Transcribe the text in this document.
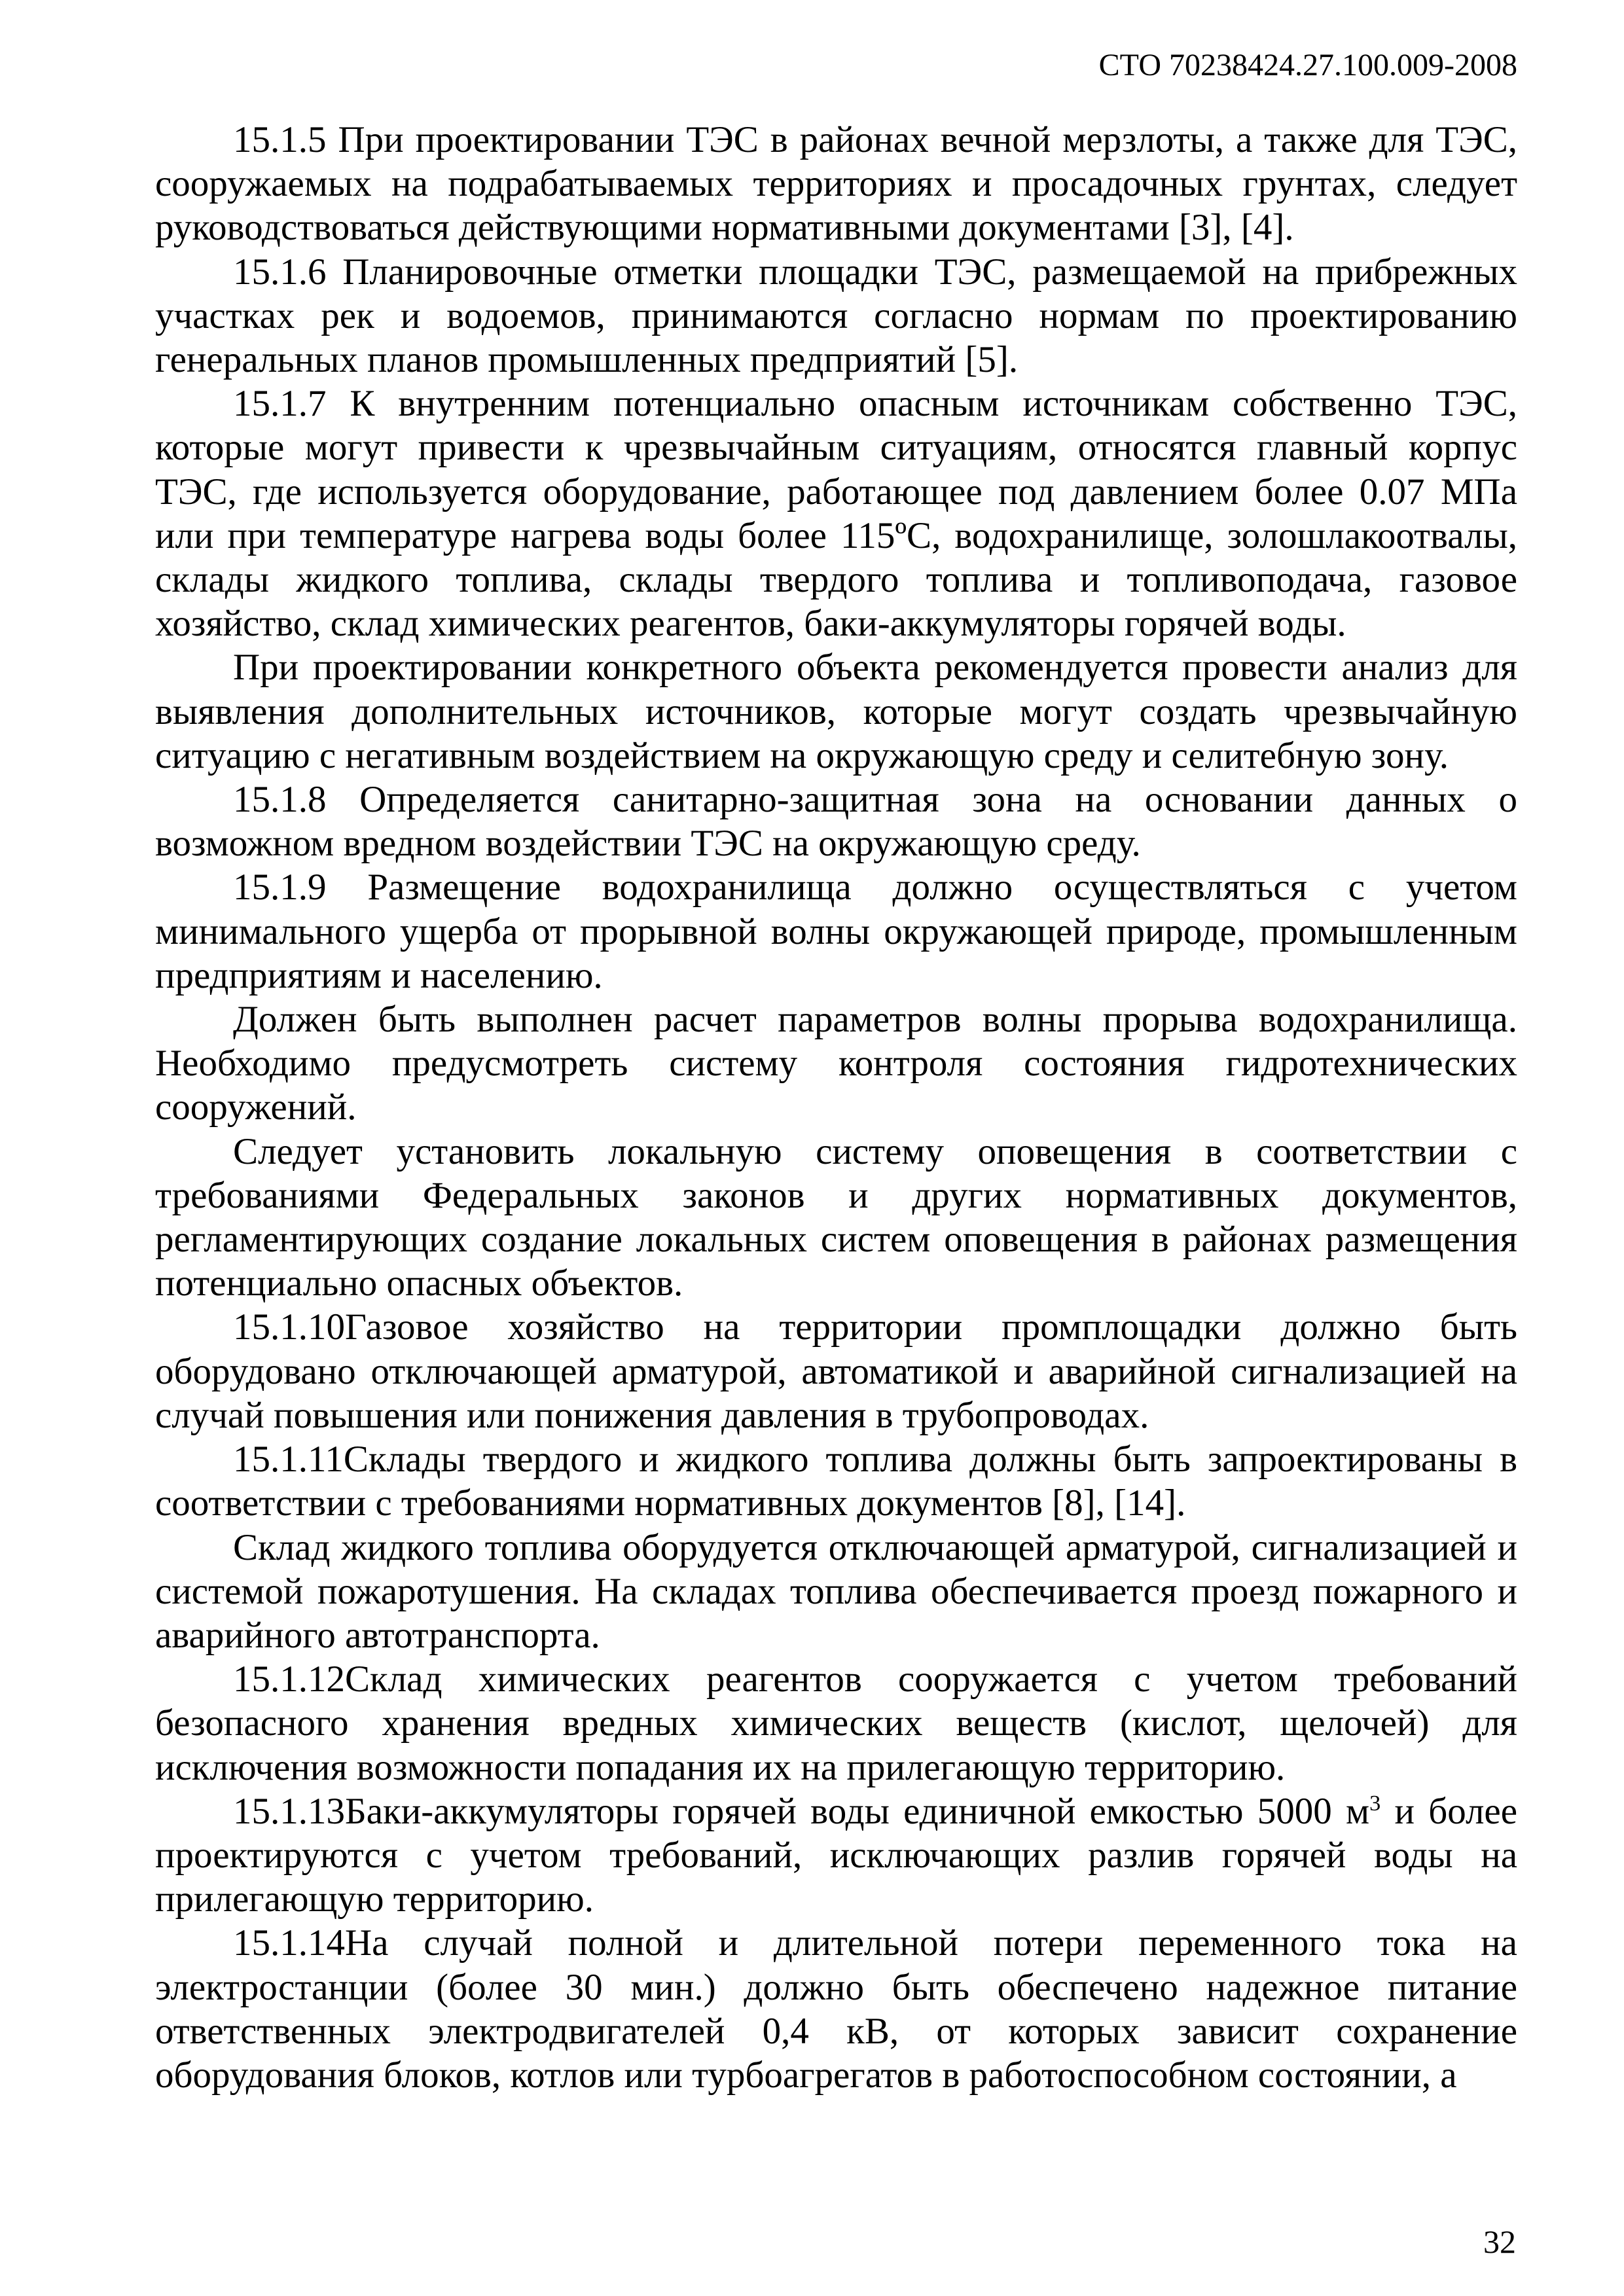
СТО 70238424.27.100.009-2008

15.1.5 При проектировании ТЭС в районах вечной мерзлоты, а также для ТЭС, сооружаемых на подрабатываемых территориях и просадочных грунтах, следует руководствоваться действующими нормативными документами [3], [4].

15.1.6 Планировочные отметки площадки ТЭС, размещаемой на прибрежных участках рек и водоемов, принимаются согласно нормам по проектированию генеральных планов промышленных предприятий [5].

15.1.7 К внутренним потенциально опасным источникам собственно ТЭС, которые могут привести к чрезвычайным ситуациям, относятся главный корпус ТЭС, где используется оборудование, работающее под давлением более 0.07 МПа или при температуре нагрева воды более 115ºС, водохранилище, золошлакоотвалы, склады жидкого топлива, склады твердого топлива и топливоподача, газовое хозяйство, склад химических реагентов, баки-аккумуляторы горячей воды.

При проектировании конкретного объекта рекомендуется провести анализ для выявления дополнительных источников, которые могут создать чрезвычайную ситуацию с негативным воздействием на окружающую среду и селитебную зону.

15.1.8 Определяется санитарно-защитная зона на основании данных о возможном вредном воздействии ТЭС на окружающую среду.

15.1.9 Размещение водохранилища должно осуществляться с учетом минимального ущерба от прорывной волны окружающей природе, промышленным предприятиям и населению.

Должен быть выполнен расчет параметров волны прорыва водохранилища. Необходимо предусмотреть систему контроля состояния гидротехнических сооружений.

Следует установить локальную систему оповещения в соответствии с требованиями Федеральных законов и других нормативных документов, регламентирующих создание локальных систем оповещения в районах размещения потенциально опасных объектов.

15.1.10Газовое хозяйство на территории промплощадки должно быть оборудовано отключающей арматурой, автоматикой и аварийной сигнализацией на случай повышения или понижения давления в трубопроводах.

15.1.11Склады твердого и жидкого топлива должны быть запроектированы в соответствии с требованиями нормативных документов [8], [14].

Склад жидкого топлива оборудуется отключающей арматурой, сигнализацией и системой пожаротушения. На складах топлива обеспечивается проезд пожарного и аварийного автотранспорта.

15.1.12Склад химических реагентов сооружается с учетом требований безопасного хранения вредных химических веществ (кислот, щелочей) для исключения возможности попадания их на прилегающую территорию.

15.1.13Баки-аккумуляторы горячей воды единичной емкостью 5000 $м^3$ и более проектируются с учетом требований, исключающих разлив горячей воды на прилегающую территорию.

15.1.14На случай полной и длительной потери переменного тока на электростанции (более 30 мин.) должно быть обеспечено надежное питание ответственных электродвигателей 0,4 кВ, от которых зависит сохранение оборудования блоков, котлов или турбоагрегатов в работоспособном состоянии, а

32
